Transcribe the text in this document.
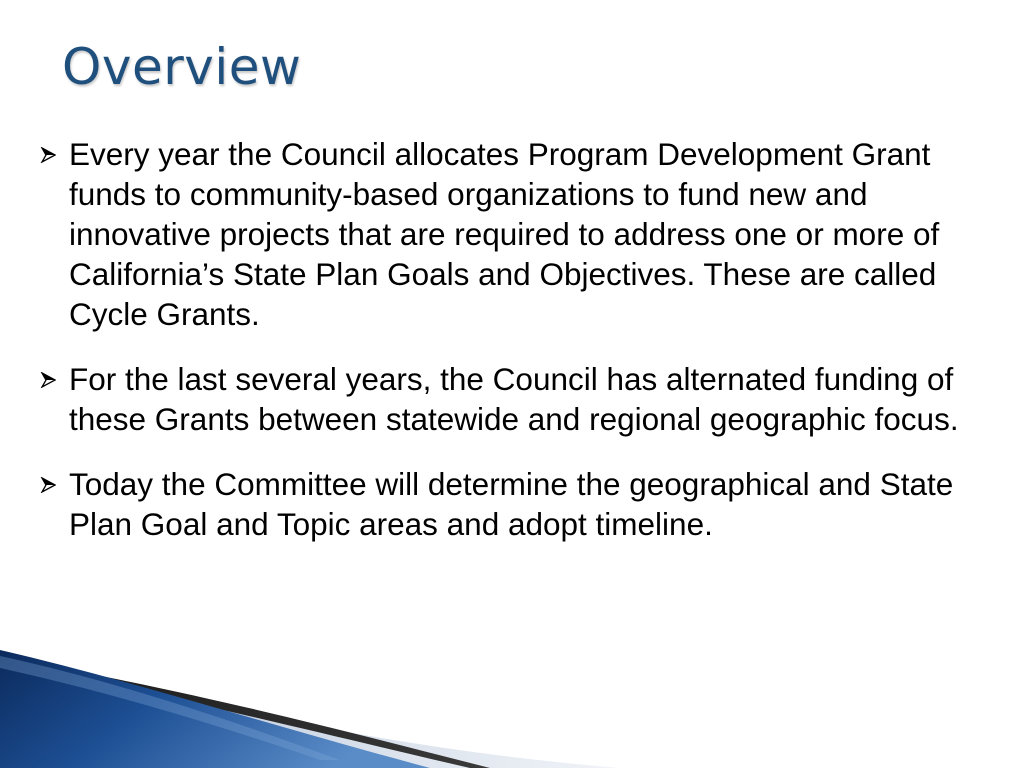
Overview
Every year the Council allocates Program Development Grant funds to community-based organizations to fund new and innovative projects that are required to address one or more of California’s State Plan Goals and Objectives. These are called Cycle Grants.
For the last several years, the Council has alternated funding of these Grants between statewide and regional geographic focus.
Today the Committee will determine the geographical and State Plan Goal and Topic areas and adopt timeline.
